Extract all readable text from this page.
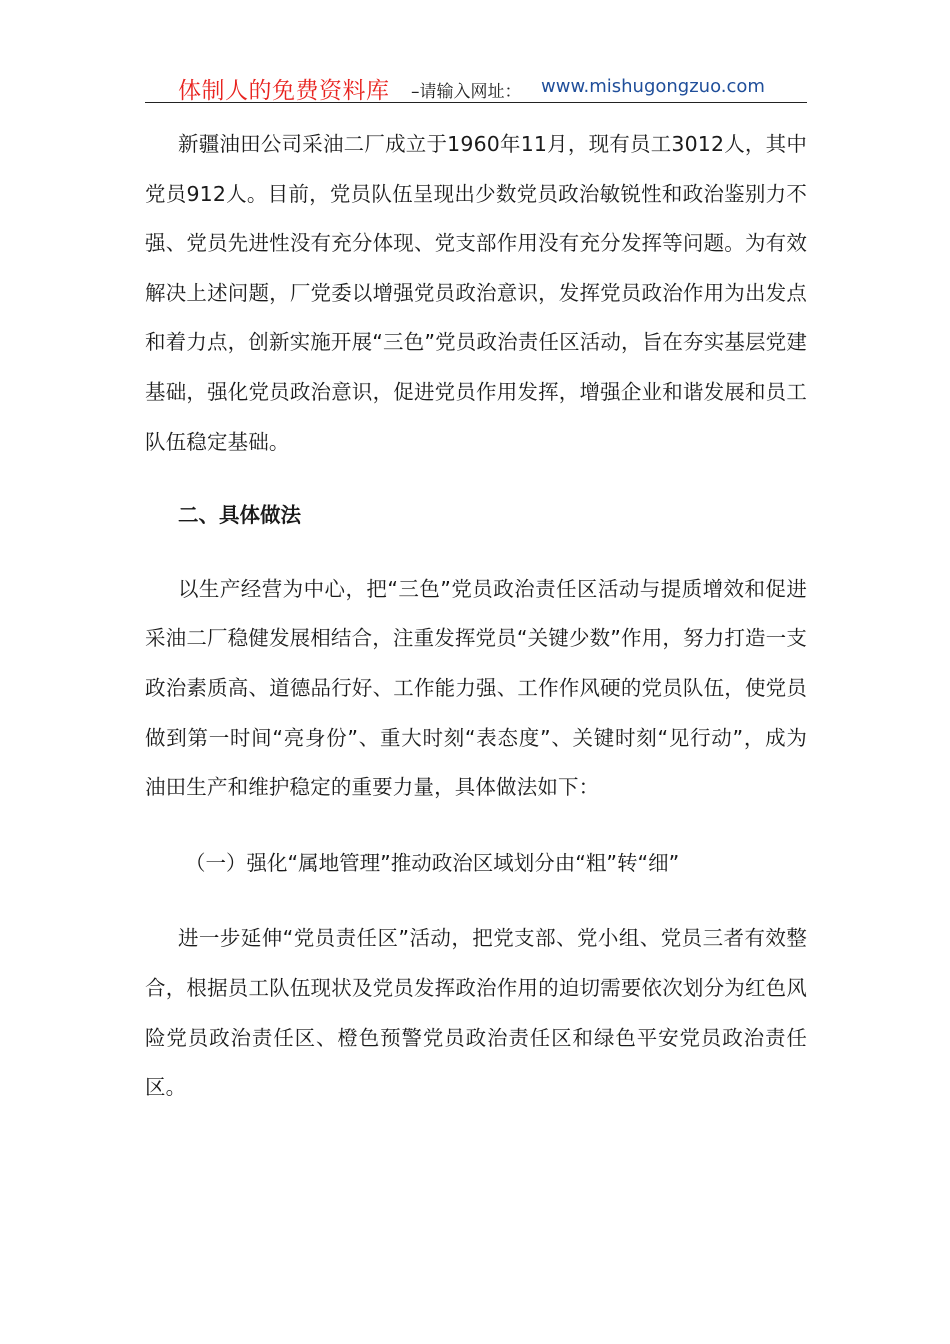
体制人的免费资料库 –请输入网址： www.mishugongzuo.com

新疆油田公司采油二厂成立于1960年11月，现有员工3012人，其中党员912人。目前，党员队伍呈现出少数党员政治敏锐性和政治鉴别力不强、党员先进性没有充分体现、党支部作用没有充分发挥等问题。为有效解决上述问题，厂党委以增强党员政治意识，发挥党员政治作用为出发点和着力点，创新实施开展“三色”党员政治责任区活动，旨在夯实基层党建基础，强化党员政治意识，促进党员作用发挥，增强企业和谐发展和员工队伍稳定基础。

二、具体做法

以生产经营为中心，把“三色”党员政治责任区活动与提质增效和促进采油二厂稳健发展相结合，注重发挥党员“关键少数”作用，努力打造一支政治素质高、道德品行好、工作能力强、工作作风硬的党员队伍，使党员做到第一时间“亮身份”、重大时刻“表态度”、关键时刻“见行动”，成为油田生产和维护稳定的重要力量，具体做法如下：

（一）强化“属地管理”推动政治区域划分由“粗”转“细”

进一步延伸“党员责任区”活动，把党支部、党小组、党员三者有效整合，根据员工队伍现状及党员发挥政治作用的迫切需要依次划分为红色风险党员政治责任区、橙色预警党员政治责任区和绿色平安党员政治责任区。
